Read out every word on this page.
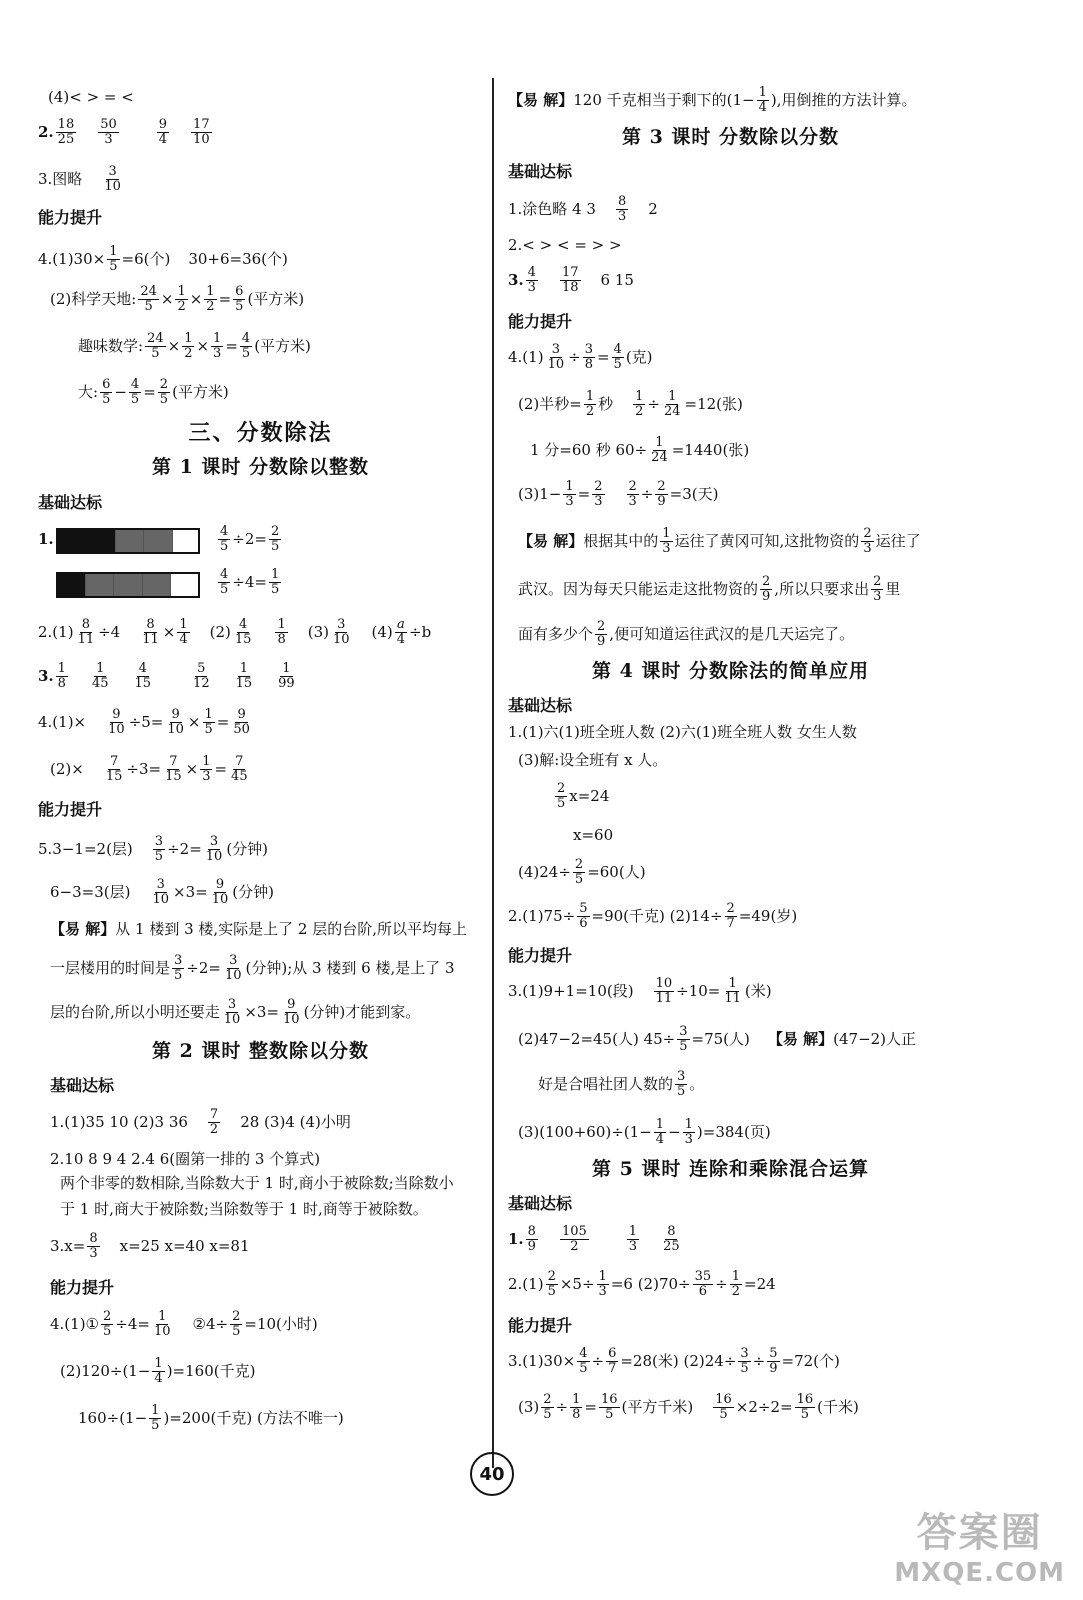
(4)< > = <
2. $\frac{18}{25} \frac{50}{3}$	$\frac{9}{4} \frac{17}{10}$
3.图略 $\frac{3}{10}$
能力提升
$4.(1)30\times \frac{1}{5} =6$(个) 30+6=36(个)
(2)科学天地: $\frac{24}{5} \times \frac{1}{2} \times \frac{1}{2} = \frac{6}{5}$ (平方米)
趣味数学: $\frac{24}{5} \times \frac{1}{2} \times \frac{1}{3} = \frac{4}{5}$ (平方米)
大: $\frac{6}{5} - \frac{4}{5} = \frac{2}{5}$ (平方米)
三、分数除法
第 1 课时 分数除以整数
基础达标
1.	$\frac{4}{5} \div 2= \frac{2}{5}$
$\frac{4}{5} \div 4= \frac{1}{5}$
$2.(1) \frac{8}{11} \div 4 \frac{8}{11} \times \frac{1}{4} (2) \frac{4}{15} \frac{1}{8} (3) \frac{3}{10} (4) \frac{a}{4} \div b$
3. $\frac{1}{8} \frac{1}{45} \frac{4}{15}$	$\frac{5}{12} \frac{1}{15} \frac{1}{99}$
$4.(1)\times \frac{9}{10} \div 5= \frac{9}{10} \times \frac{1}{5} = \frac{9}{50}$
$(2)\times \frac{7}{15} \div 3= \frac{7}{15} \times \frac{1}{3} = \frac{7}{45}$
能力提升
5.3−1=2(层) $\frac{3}{5} \div 2= \frac{3}{10}$ (分钟)
6−3=3(层) $\frac{3}{10} \times 3= \frac{9}{10}$ (分钟)
【易 解】 从 1 楼到 3 楼,实际是上了 2 层的台阶,所以平均每上
一层楼用的时间是 $\frac{3}{5} \div 2= \frac{3}{10}$ (分钟);从 3 楼到 6 楼,是上了 3
层的台阶,所以小明还要走 $\frac{3}{10} \times 3= \frac{9}{10}$ (分钟)才能到家。
第 2 课时 整数除以分数
基础达标
1.(1)35 10 (2)3 $36 \frac{7}{2} 28$ (3)4 (4)小明
2.10 8 9 4 2.4 6(圈第一排的 3 个算式)
两个非零的数相除,当除数大于 1 时,商小于被除数;当除数小
于 1 时,商大于被除数;当除数等于 1 时,商等于被除数。
$3.x= \frac{8}{3} x=25$ x=40 x=81
能力提升
4.(1)① $\frac{2}{5} \div 4= \frac{1}{10}$ ②4÷ $\frac{2}{5} =10$(小时)
$(2)120\div(1- \frac{1}{4} )=160$(千克)
$160\div(1- \frac{1}{5} )=200$(千克) (方法不唯一)
【易 解】 120 千克相当于剩下的($1- \frac{1}{4}$ ),用倒推的方法计算。
第 3 课时 分数除以分数
基础达标
1.涂色略 4 $3 \frac{8}{3} 2$
2.< > < = > >
3. $\frac{4}{3} \frac{17}{18} 6$ 15
能力提升
$4.(1) \frac{3}{10} \div \frac{3}{8} = \frac{4}{5}$ (克)
(2)半秒= $\frac{1}{2}$ 秒 $\frac{1}{2} \div \frac{1}{24} =12$(张)
1 分=60 秒 $60\div \frac{1}{24} =1440$(张)
$(3)1- \frac{1}{3} = \frac{2}{3} \frac{2}{3} \div \frac{2}{9} =3$(天)
【易 解】 根据其中的 $\frac{1}{3}$ 运往了黄冈可知,这批物资的 $\frac{2}{3}$ 运往了
武汉。因为每天只能运走这批物资的 $\frac{2}{9}$ ,所以只要求出 $\frac{2}{3}$ 里
面有多少个 $\frac{2}{9}$ ,便可知道运往武汉的是几天运完了。
第 4 课时 分数除法的简单应用
基础达标
1.(1)六(1)班全班人数 (2)六(1)班全班人数 女生人数
(3)解:设全班有 x 人。
$\frac{2}{5} x=24$
x=60
$(4)24\div \frac{2}{5} =60$(人)
$2.(1)75\div \frac{5}{6} =90$(千克) $(2)14\div \frac{2}{7} =49$(岁)
能力提升
3.(1)9+1=10(段) $\frac{10}{11} \div 10= \frac{1}{11}$ (米)
(2)47−2=45(人) $45\div \frac{3}{5} =75$(人) 【易 解】 (47−2)人正
好是合唱社团人数的 $\frac{3}{5}$ 。
$(3)(100+60)\div(1- \frac{1}{4} - \frac{1}{3} )=384$(页)
第 5 课时 连除和乘除混合运算
基础达标
1. $\frac{8}{9} \frac{105}{2}$	$\frac{1}{3} \frac{8}{25}$
$2.(1) \frac{2}{5} \times 5\div \frac{1}{3} =6$ $(2)70\div \frac{35}{6} \div \frac{1}{2} =24$
能力提升
$3.(1)30\times \frac{4}{5} \div \frac{6}{7} =28$(米) $(2)24\div \frac{3}{5} \div \frac{5}{9} =72$(个)
$(3) \frac{2}{5} \div \frac{1}{8} = \frac{16}{5}$ (平方千米) $\frac{16}{5} \times 2\div 2= \frac{16}{5}$ (千米)
40
答案圈
MXQE.COM
